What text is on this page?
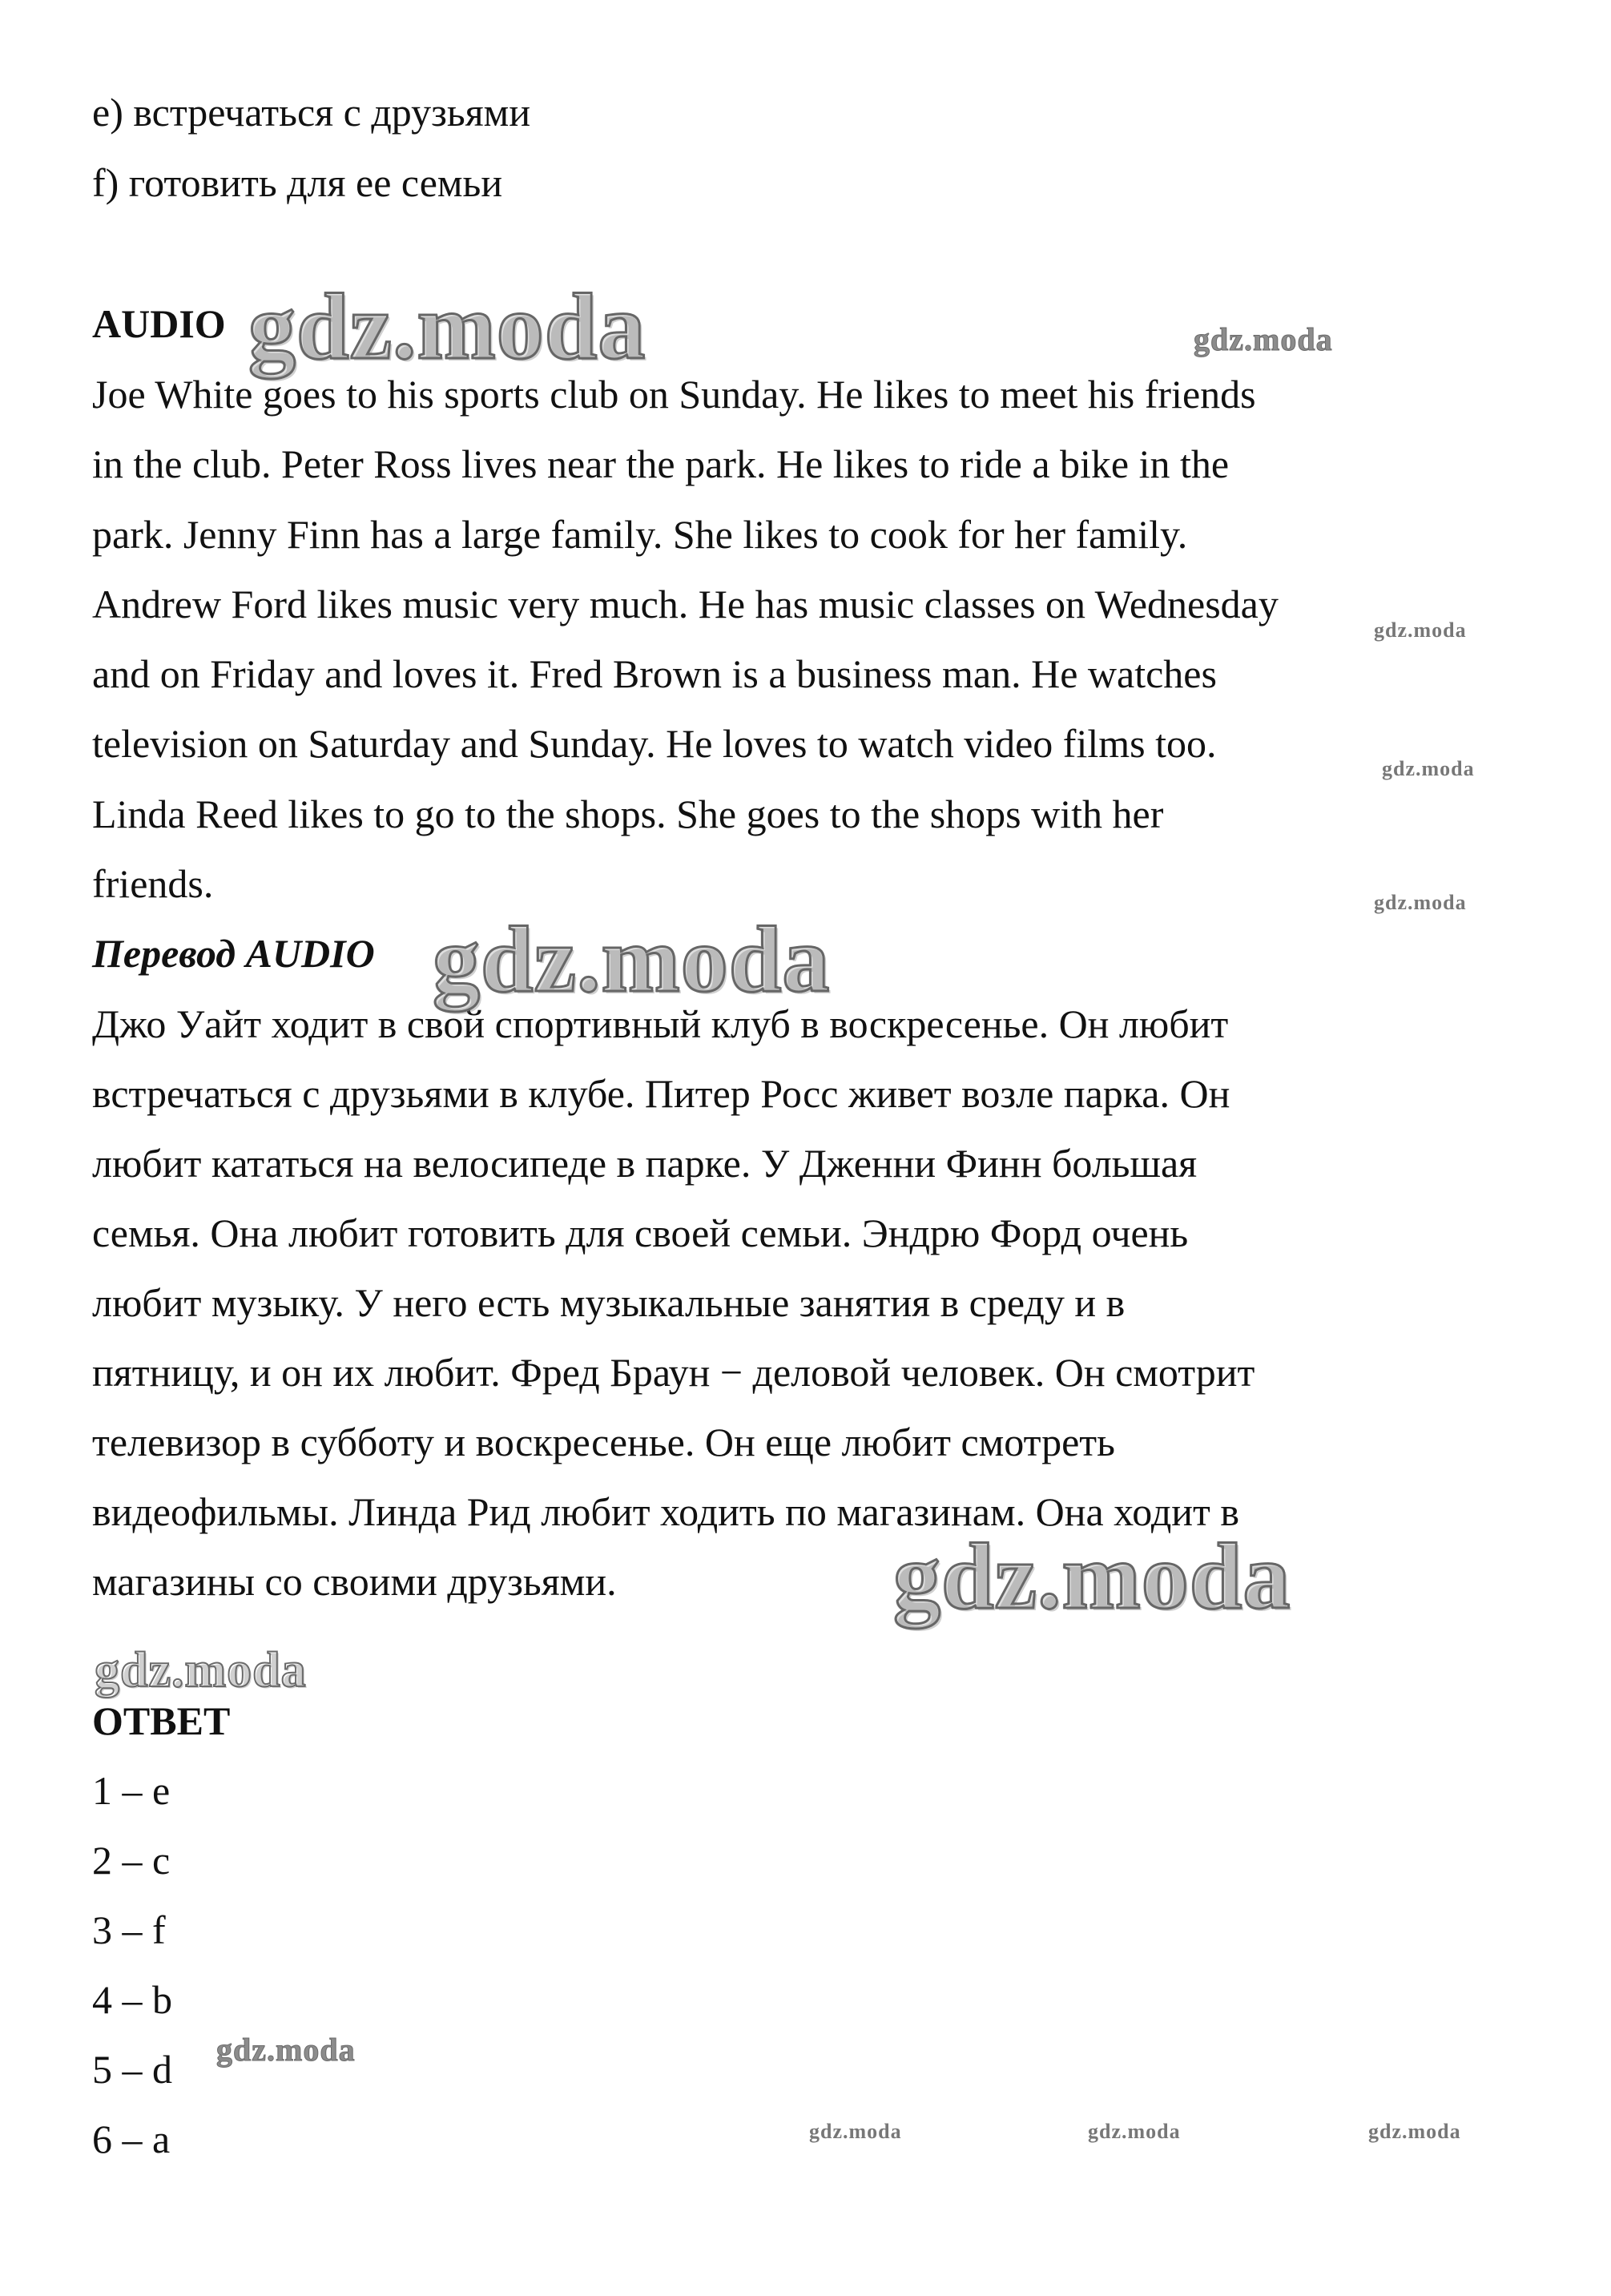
e) встречаться с друзьями
f) готовить для ее семьи
AUDIO
Joe White goes to his sports club on Sunday. He likes to meet his friends
in the club. Peter Ross lives near the park. He likes to ride a bike in the
park. Jenny Finn has a large family. She likes to cook for her family.
Andrew Ford likes music very much. He has music classes on Wednesday
and on Friday and loves it. Fred Brown is a business man. He watches
television on Saturday and Sunday. He loves to watch video films too.
Linda Reed likes to go to the shops. She goes to the shops with her
friends.
Перевод AUDIO
Джо Уайт ходит в свой спортивный клуб в воскресенье. Он любит
встречаться с друзьями в клубе. Питер Росс живет возле парка. Он
любит кататься на велосипеде в парке. У Дженни Финн большая
семья. Она любит готовить для своей семьи. Эндрю Форд очень
любит музыку. У него есть музыкальные занятия в среду и в
пятницу, и он их любит. Фред Браун − деловой человек. Он смотрит
телевизор в субботу и воскресенье. Он еще любит смотреть
видеофильмы. Линда Рид любит ходить по магазинам. Она ходит в
магазины со своими друзьями.
ОТВЕТ
1 – e
2 – c
3 – f
4 – b
5 – d
6 – a
gdz.moda	gdz.moda
gdz.moda
gdz.moda
gdz.moda
gdz.moda
gdz.moda
gdz.moda
gdz.moda
gdz.moda	gdz.moda	gdz.moda
